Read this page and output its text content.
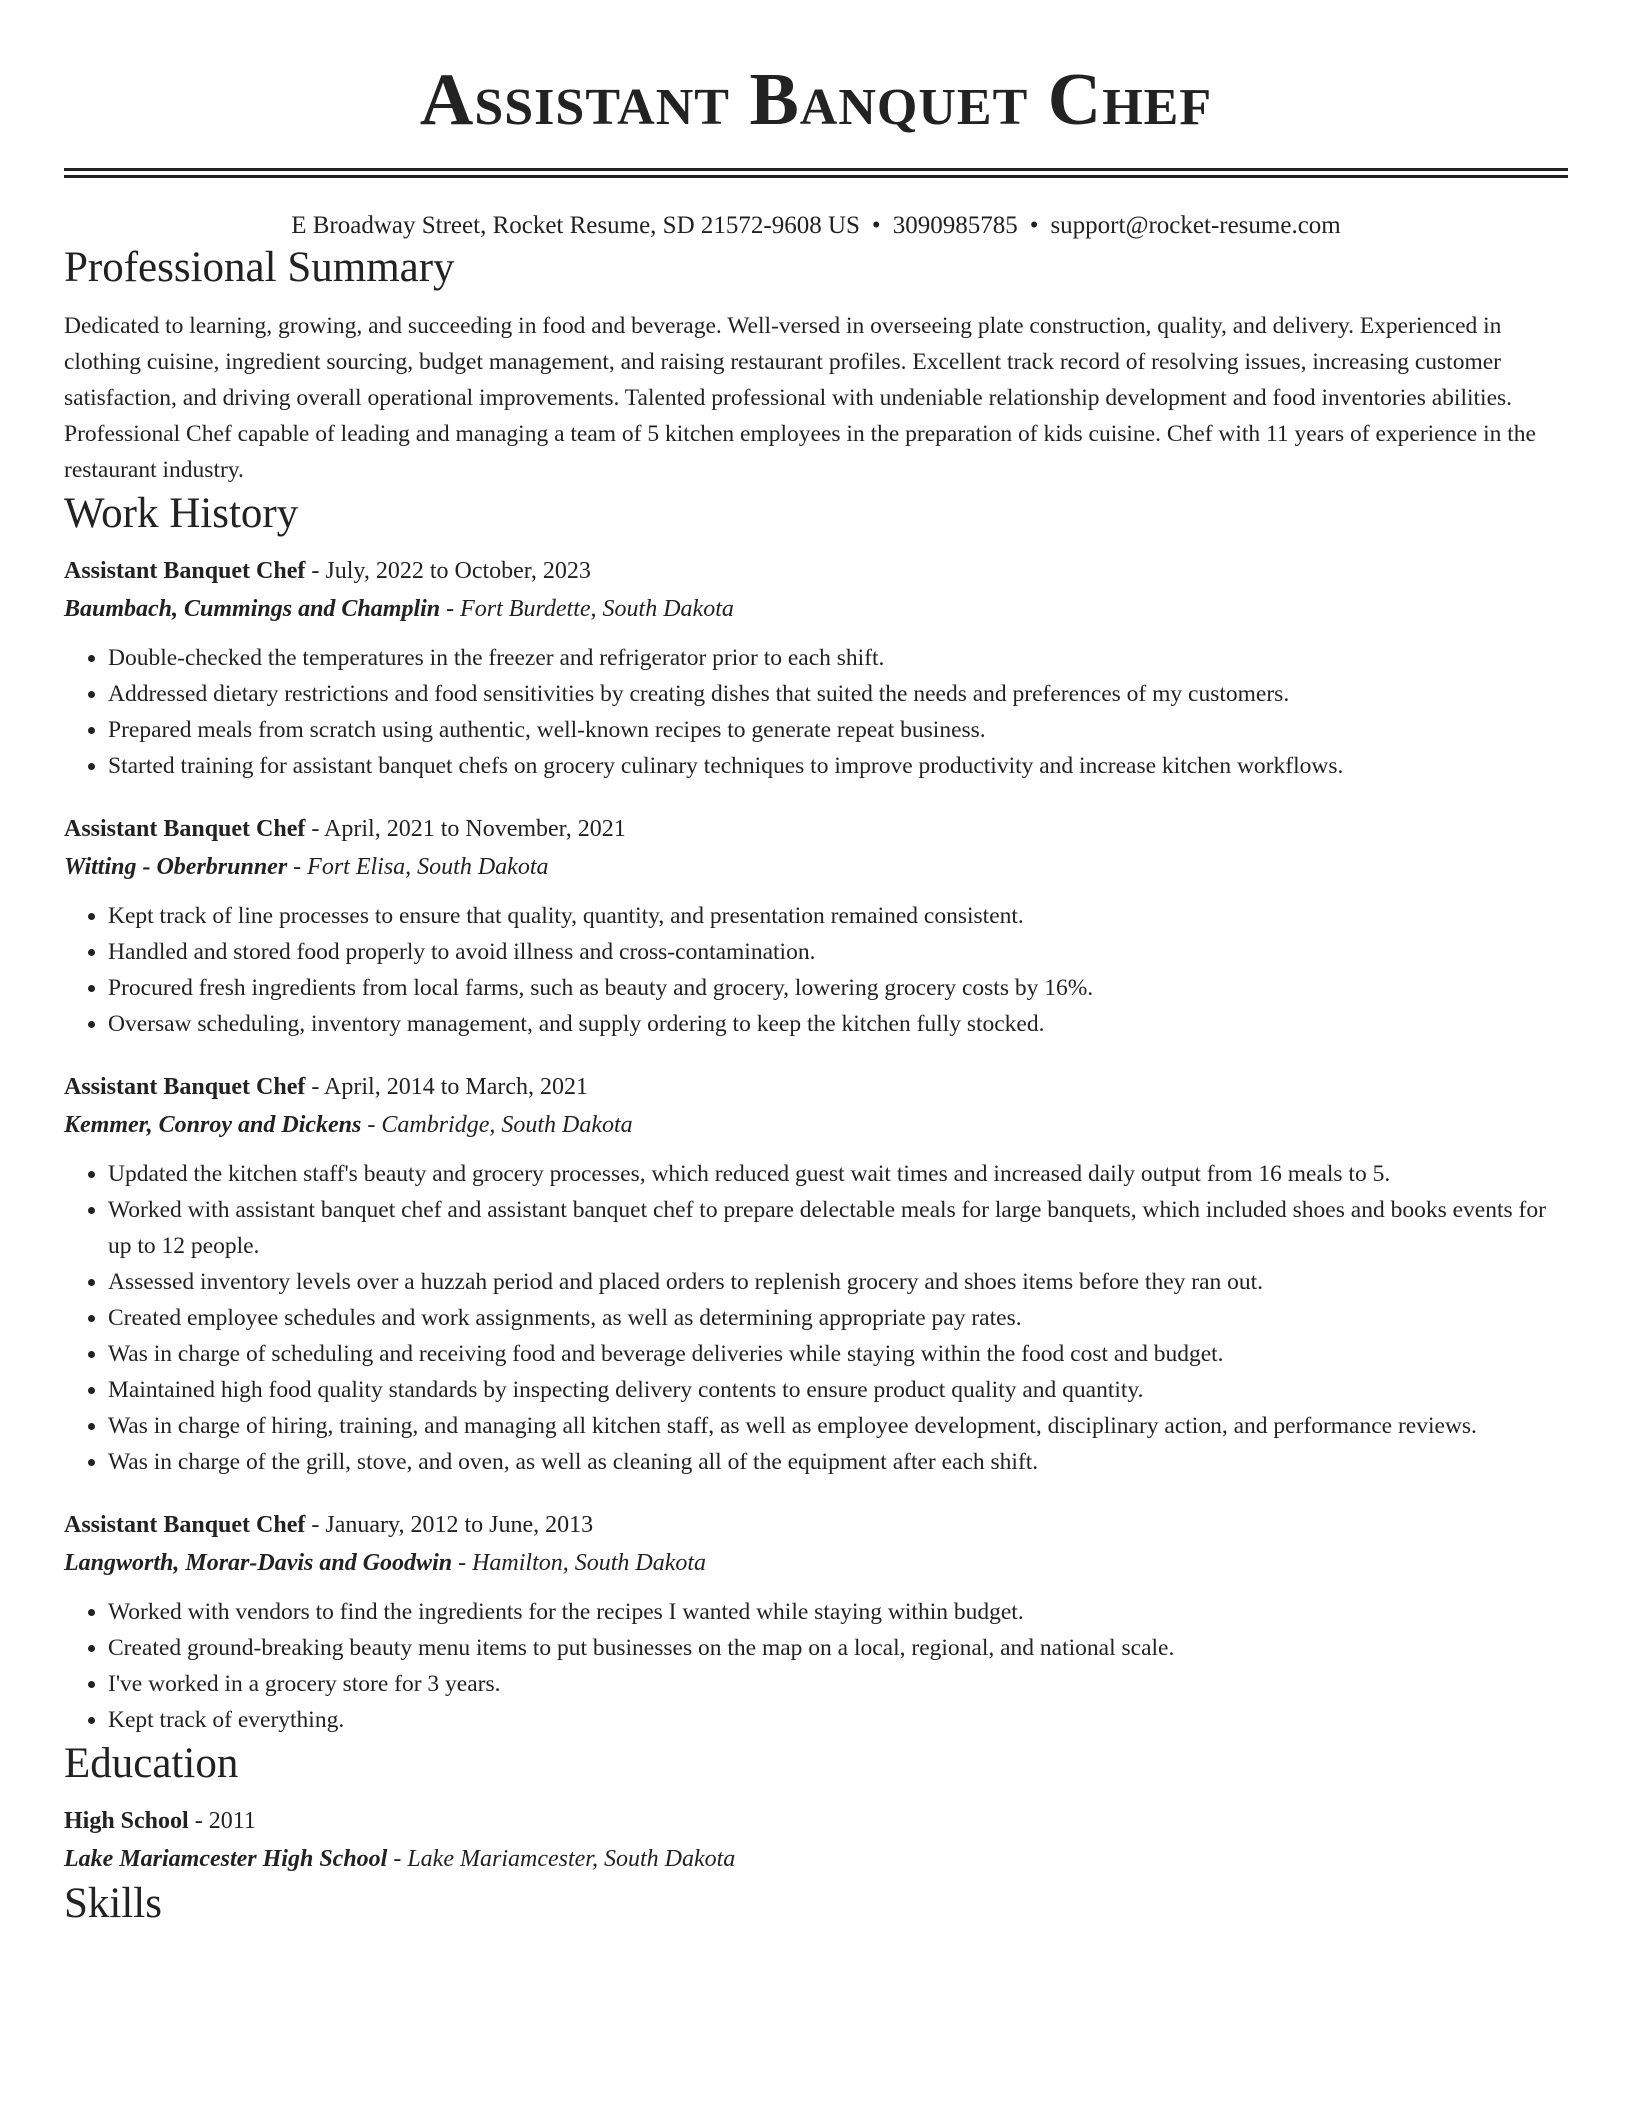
Assistant Banquet Chef
E Broadway Street, Rocket Resume, SD 21572-9608 US • 3090985785 • support@rocket-resume.com
Professional Summary

Dedicated to learning, growing, and succeeding in food and beverage. Well-versed in overseeing plate construction, quality, and delivery. Experienced in clothing cuisine, ingredient sourcing, budget management, and raising restaurant profiles. Excellent track record of resolving issues, increasing customer satisfaction, and driving overall operational improvements. Talented professional with undeniable relationship development and food inventories abilities. Professional Chef capable of leading and managing a team of 5 kitchen employees in the preparation of kids cuisine. Chef with 11 years of experience in the restaurant industry.

Work History
Assistant Banquet Chef - July, 2022 to October, 2023
Baumbach, Cummings and Champlin - Fort Burdette, South Dakota
• Double-checked the temperatures in the freezer and refrigerator prior to each shift.
• Addressed dietary restrictions and food sensitivities by creating dishes that suited the needs and preferences of my customers.
• Prepared meals from scratch using authentic, well-known recipes to generate repeat business.
• Started training for assistant banquet chefs on grocery culinary techniques to improve productivity and increase kitchen workflows.
Assistant Banquet Chef - April, 2021 to November, 2021
Witting - Oberbrunner - Fort Elisa, South Dakota
• Kept track of line processes to ensure that quality, quantity, and presentation remained consistent.
• Handled and stored food properly to avoid illness and cross-contamination.
• Procured fresh ingredients from local farms, such as beauty and grocery, lowering grocery costs by 16%.
• Oversaw scheduling, inventory management, and supply ordering to keep the kitchen fully stocked.
Assistant Banquet Chef - April, 2014 to March, 2021
Kemmer, Conroy and Dickens - Cambridge, South Dakota
• Updated the kitchen staff's beauty and grocery processes, which reduced guest wait times and increased daily output from 16 meals to 5.
• Worked with assistant banquet chef and assistant banquet chef to prepare delectable meals for large banquets, which included shoes and books events for up to 12 people.
• Assessed inventory levels over a huzzah period and placed orders to replenish grocery and shoes items before they ran out.
• Created employee schedules and work assignments, as well as determining appropriate pay rates.
• Was in charge of scheduling and receiving food and beverage deliveries while staying within the food cost and budget.
• Maintained high food quality standards by inspecting delivery contents to ensure product quality and quantity.
• Was in charge of hiring, training, and managing all kitchen staff, as well as employee development, disciplinary action, and performance reviews.
• Was in charge of the grill, stove, and oven, as well as cleaning all of the equipment after each shift.
Assistant Banquet Chef - January, 2012 to June, 2013
Langworth, Morar-Davis and Goodwin - Hamilton, South Dakota
• Worked with vendors to find the ingredients for the recipes I wanted while staying within budget.
• Created ground-breaking beauty menu items to put businesses on the map on a local, regional, and national scale.
• I've worked in a grocery store for 3 years.
• Kept track of everything.
Education
High School - 2011
Lake Mariamcester High School - Lake Mariamcester, South Dakota
Skills
